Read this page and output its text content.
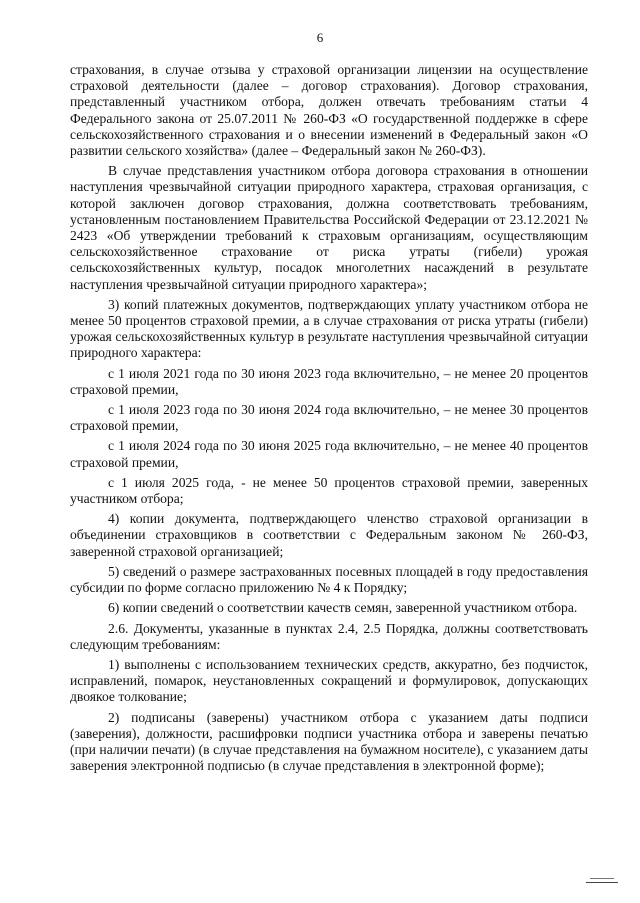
6

страхования, в случае отзыва у страховой организации лицензии на осуществление страховой деятельности (далее – договор страхования). Договор страхования, представленный участником отбора, должен отвечать требованиям статьи 4 Федерального закона от 25.07.2011 № 260-ФЗ «О государственной поддержке в сфере сельскохозяйственного страхования и о внесении изменений в Федеральный закон «О развитии сельского хозяйства» (далее – Федеральный закон № 260-ФЗ).

В случае представления участником отбора договора страхования в отношении наступления чрезвычайной ситуации природного характера, страховая организация, с которой заключен договор страхования, должна соответствовать требованиям, установленным постановлением Правительства Российской Федерации от 23.12.2021 № 2423 «Об утверждении требований к страховым организациям, осуществляющим сельскохозяйственное страхование от риска утраты (гибели) урожая сельскохозяйственных культур, посадок многолетних насаждений в результате наступления чрезвычайной ситуации природного характера»;

3) копий платежных документов, подтверждающих уплату участником отбора не менее 50 процентов страховой премии, а в случае страхования от риска утраты (гибели) урожая сельскохозяйственных культур в результате наступления чрезвычайной ситуации природного характера:

с 1 июля 2021 года по 30 июня 2023 года включительно, – не менее 20 процентов страховой премии,

с 1 июля 2023 года по 30 июня 2024 года включительно, – не менее 30 процентов страховой премии,

с 1 июля 2024 года по 30 июня 2025 года включительно, – не менее 40 процентов страховой премии,

с 1 июля 2025 года, - не менее 50 процентов страховой премии, заверенных участником отбора;

4) копии документа, подтверждающего членство страховой организации в объединении страховщиков в соответствии с Федеральным законом № 260-ФЗ, заверенной страховой организацией;

5) сведений о размере застрахованных посевных площадей в году предоставления субсидии по форме согласно приложению № 4 к Порядку;

6) копии сведений о соответствии качеств семян, заверенной участником отбора.

2.6. Документы, указанные в пунктах 2.4, 2.5 Порядка, должны соответствовать следующим требованиям:

1) выполнены с использованием технических средств, аккуратно, без подчисток, исправлений, помарок, неустановленных сокращений и формулировок, допускающих двоякое толкование;

2) подписаны (заверены) участником отбора с указанием даты подписи (заверения), должности, расшифровки подписи участника отбора и заверены печатью (при наличии печати) (в случае представления на бумажном носителе), с указанием даты заверения электронной подписью (в случае представления в электронной форме);
